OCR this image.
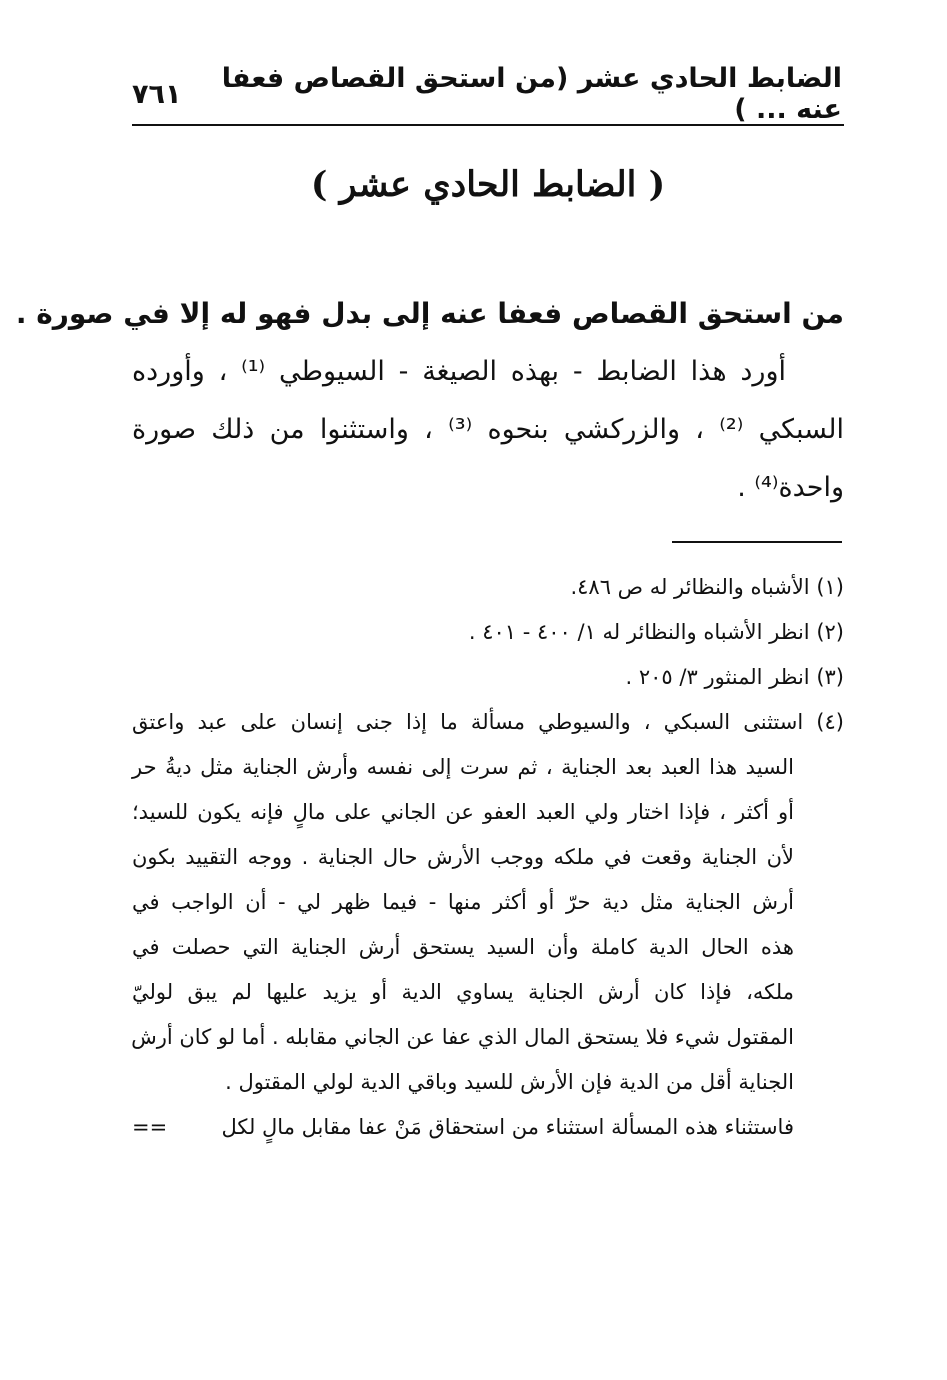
الضابط الحادي عشر (من استحق القصاص فعفا عنه ... )
٧٦١
( الضابط الحادي عشر )
من استحق القصاص فعفا عنه إلى بدل فهو له إلا في صورة .
أورد هذا الضابط - بهذه الصيغة - السيوطي ⁽¹⁾ ، وأورده
السبكي ⁽²⁾ ، والزركشي بنحوه ⁽³⁾ ، واستثنوا من ذلك صورة
واحدة⁽⁴⁾ .
(١) الأشباه والنظائر له ص ٤٨٦.
(٢) انظر الأشباه والنظائر له ١/ ٤٠٠ - ٤٠١ .
(٣) انظر المنثور ٣/ ٢٠٥ .
(٤) استثنى السبكي ، والسيوطي مسألة ما إذا جنى إنسان على عبد واعتق
السيد هذا العبد بعد الجناية ، ثم سرت إلى نفسه وأرش الجناية مثل ديةُ حر
أو أكثر ، فإذا اختار ولي العبد العفو عن الجاني على مالٍ فإنه يكون للسيد؛
لأن الجناية وقعت في ملكه ووجب الأرش حال الجناية . ووجه التقييد بكون
أرش الجناية مثل دية حرّ أو أكثر منها - فيما ظهر لي - أن الواجب في
هذه الحال الدية كاملة وأن السيد يستحق أرش الجناية التي حصلت في
ملكه، فإذا كان أرش الجناية يساوي الدية أو يزيد عليها لم يبق لوليّ
المقتول شيء فلا يستحق المال الذي عفا عن الجاني مقابله . أما لو كان أرش
الجناية أقل من الدية فإن الأرش للسيد وباقي الدية لولي المقتول .
فاستثناء هذه المسألة استثناء من استحقاق مَنْ عفا مقابل مالٍ لكل
==
